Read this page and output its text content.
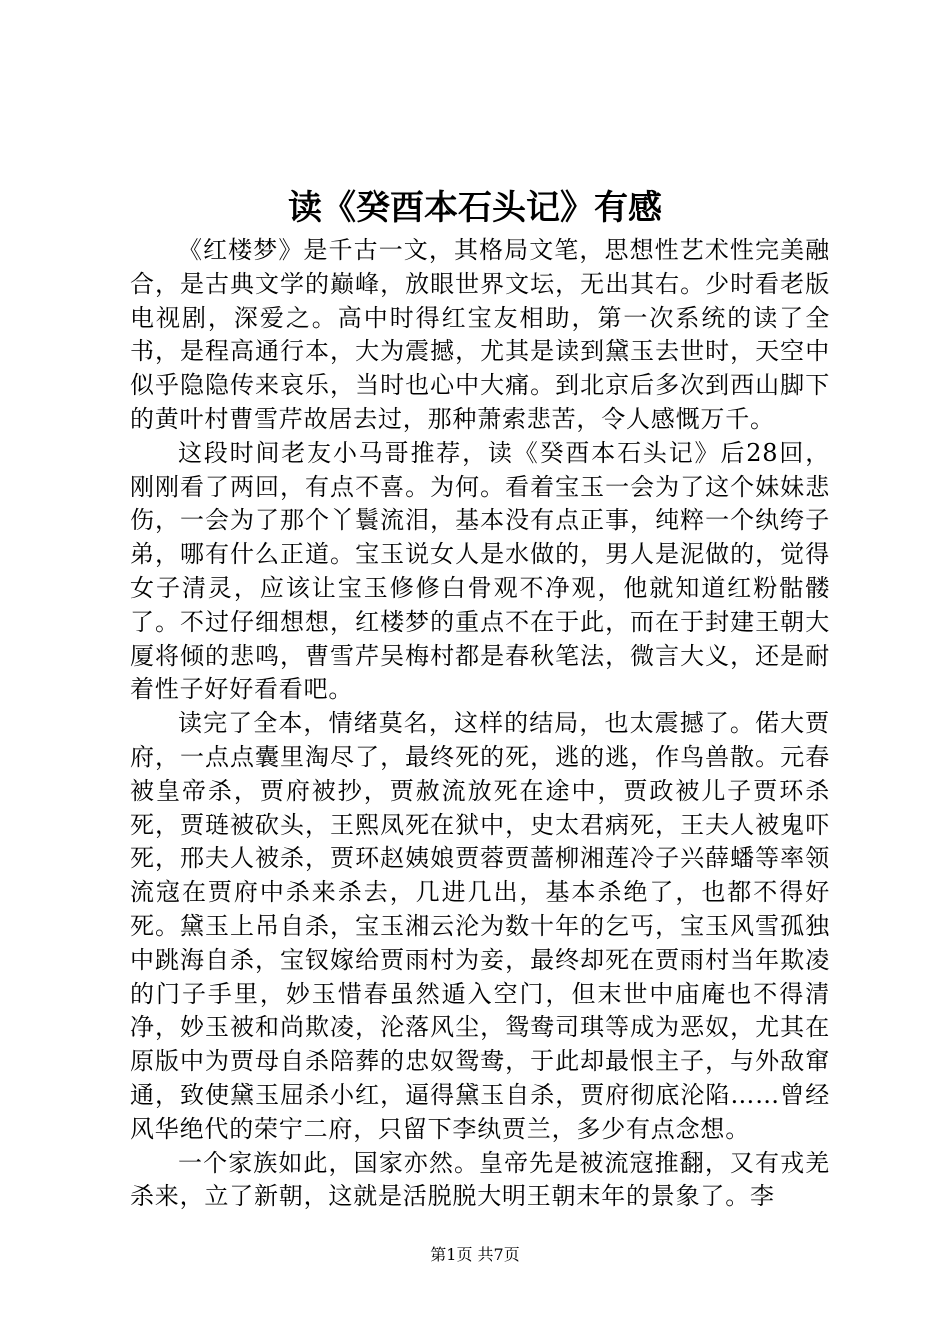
读《癸酉本石头记》有感

《红楼梦》是千古一文，其格局文笔，思想性艺术性完美融合，是古典文学的巅峰，放眼世界文坛，无出其右。少时看老版电视剧，深爱之。高中时得红宝友相助，第一次系统的读了全书，是程高通行本，大为震撼，尤其是读到黛玉去世时，天空中似乎隐隐传来哀乐，当时也心中大痛。到北京后多次到西山脚下的黄叶村曹雪芹故居去过，那种萧索悲苦，令人感慨万千。

这段时间老友小马哥推荐，读《癸酉本石头记》后28回，刚刚看了两回，有点不喜。为何。看着宝玉一会为了这个妹妹悲伤，一会为了那个丫鬟流泪，基本没有点正事，纯粹一个纨绔子弟，哪有什么正道。宝玉说女人是水做的，男人是泥做的，觉得女子清灵，应该让宝玉修修白骨观不净观，他就知道红粉骷髅了。不过仔细想想，红楼梦的重点不在于此，而在于封建王朝大厦将倾的悲鸣，曹雪芹吴梅村都是春秋笔法，微言大义，还是耐着性子好好看看吧。

读完了全本，情绪莫名，这样的结局，也太震撼了。偌大贾府，一点点囊里淘尽了，最终死的死，逃的逃，作鸟兽散。元春被皇帝杀，贾府被抄，贾赦流放死在途中，贾政被儿子贾环杀死，贾琏被砍头，王熙凤死在狱中，史太君病死，王夫人被鬼吓死，邢夫人被杀，贾环赵姨娘贾蓉贾蔷柳湘莲冷子兴薛蟠等率领流寇在贾府中杀来杀去，几进几出，基本杀绝了，也都不得好死。黛玉上吊自杀，宝玉湘云沦为数十年的乞丐，宝玉风雪孤独中跳海自杀，宝钗嫁给贾雨村为妾，最终却死在贾雨村当年欺凌的门子手里，妙玉惜春虽然遁入空门，但末世中庙庵也不得清净，妙玉被和尚欺凌，沦落风尘，鸳鸯司琪等成为恶奴，尤其在原版中为贾母自杀陪葬的忠奴鸳鸯，于此却最恨主子，与外敌窜通，致使黛玉屈杀小红，逼得黛玉自杀，贾府彻底沦陷……曾经风华绝代的荣宁二府，只留下李纨贾兰，多少有点念想。

一个家族如此，国家亦然。皇帝先是被流寇推翻，又有戎羌杀来，立了新朝，这就是活脱脱大明王朝末年的景象了。李

第1页 共7页
